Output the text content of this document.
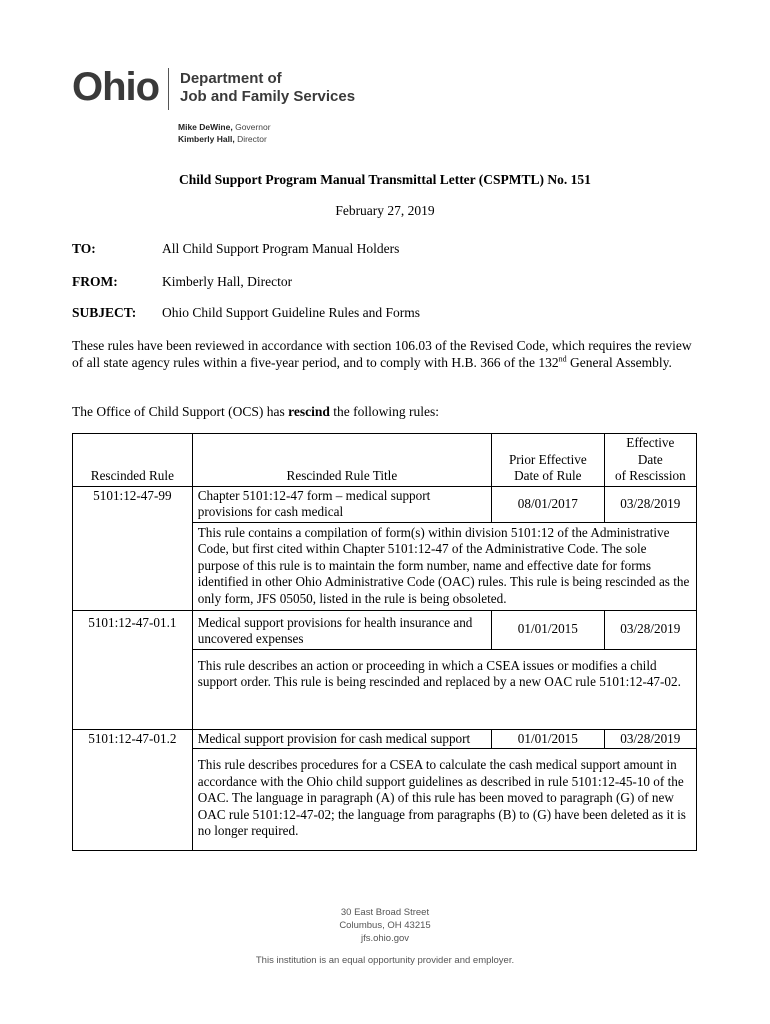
Ohio Department of
Job and Family Services
Mike DeWine, Governor
Kimberly Hall, Director
Child Support Program Manual Transmittal Letter (CSPMTL) No. 151
February 27, 2019
TO:	All Child Support Program Manual Holders
FROM:	Kimberly Hall, Director
SUBJECT: Ohio Child Support Guideline Rules and Forms
These rules have been reviewed in accordance with section 106.03 of the Revised Code, which requires the review of all state agency rules within a five-year period, and to comply with H.B. 366 of the 132nd General Assembly.
The Office of Child Support (OCS) has rescind the following rules:
Rescinded Rule	Rescinded Rule Title	Prior Effective Date of Rule	Effective
Date
of Rescission

5101:12-47-99	Chapter 5101:12-47 form – medical support provisions for cash medical	08/01/2017	03/28/2019
	This rule contains a compilation of form(s) within division 5101:12 of the Administrative Code, but first cited within Chapter 5101:12-47 of the Administrative Code. The sole purpose of this rule is to maintain the form number, name and effective date for forms identified in other Ohio Administrative Code (OAC) rules. This rule is being rescinded as the only form, JFS 05050, listed in the rule is being obsoleted.		
5101:12-47-01.1	Medical support provisions for health insurance and uncovered expenses	01/01/2015	03/28/2019
	This rule describes an action or proceeding in which a CSEA issues or modifies a child support order. This rule is being rescinded and replaced by a new OAC rule 5101:12-47-02.		
5101:12-47-01.2	Medical support provision for cash medical support	01/01/2015	03/28/2019
	This rule describes procedures for a CSEA to calculate the cash medical support amount in accordance with the Ohio child support guidelines as described in rule 5101:12-45-10 of the OAC. The language in paragraph (A) of this rule has been moved to paragraph (G) of new OAC rule 5101:12-47-02; the language from paragraphs (B) to (G) have been deleted as it is no longer required.		
30 East Broad Street
Columbus, OH 43215
jfs.ohio.gov
This institution is an equal opportunity provider and employer.
